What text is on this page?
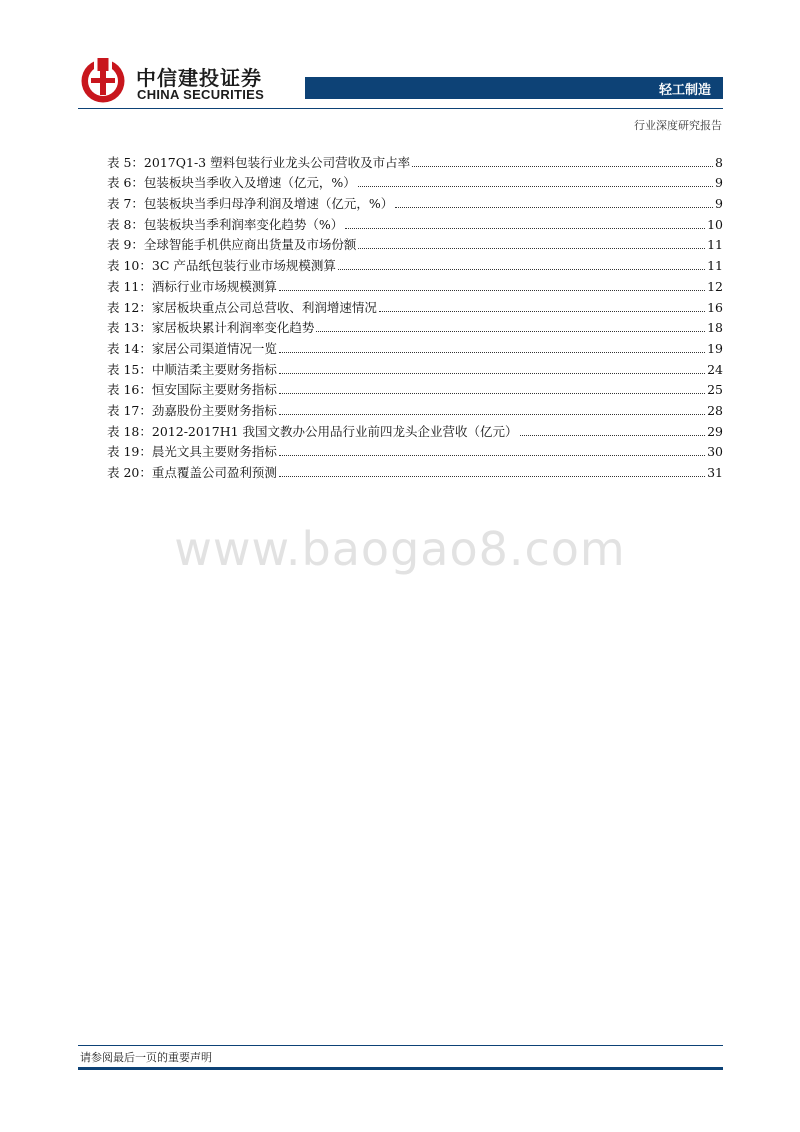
中信建投证券
CHINA SECURITIES	轻工制造
行业深度研究报告
表 5：2017Q1-3 塑料包装行业龙头公司营收及市占率	8
表 6：包装板块当季收入及增速（亿元，%）	9
表 7：包装板块当季归母净利润及增速（亿元，%）	9
表 8：包装板块当季利润率变化趋势（%）	10
表 9：全球智能手机供应商出货量及市场份额	11
表 10：3C 产品纸包装行业市场规模测算	11
表 11：酒标行业市场规模测算	12
表 12：家居板块重点公司总营收、利润增速情况	16
表 13：家居板块累计利润率变化趋势	18
表 14：家居公司渠道情况一览	19
表 15：中顺洁柔主要财务指标	24
表 16：恒安国际主要财务指标	25
表 17：劲嘉股份主要财务指标	28
表 18：2012-2017H1 我国文教办公用品行业前四龙头企业营收（亿元）	29
表 19：晨光文具主要财务指标	30
表 20：重点覆盖公司盈利预测	31
www.baogao8.com
请参阅最后一页的重要声明
